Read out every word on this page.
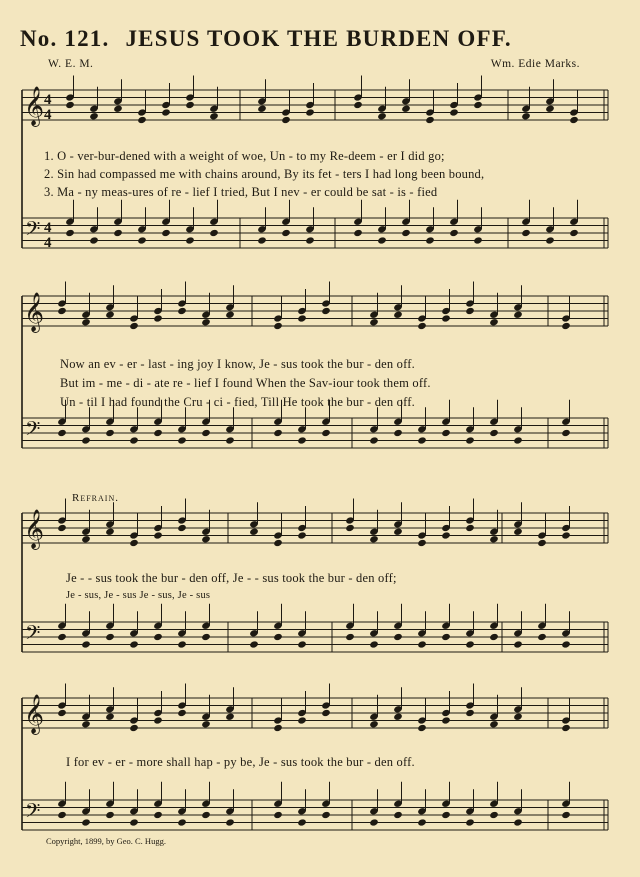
No. 121. JESUS TOOK THE BURDEN OFF.
W. E. M.	Wm. Edie Marks.
𝄞
𝄢
4
4
4
4
𝄞
𝄢
𝄞
𝄢
𝄞
𝄢
1. O - ver-bur-dened with a weight of woe, Un - to my Re-deem - er I did go;
2. Sin had compassed me with chains around, By its fet - ters I had long been bound,
3. Ma - ny meas-ures of re - lief I tried, But I nev - er could be sat - is - fied
Now an ev - er - last - ing joy I know, Je - sus took the bur - den off.
But im - me - di - ate re - lief I found When the Sav-iour took them off.
Un - til I had found the Cru - ci - fied, Till He took the bur - den off.
Refrain.
Je - - sus took the bur - den off, Je - - sus took the bur - den off;
Je - sus, Je - sus Je - sus, Je - sus
I for ev - er - more shall hap - py be, Je - sus took the bur - den off.
Copyright, 1899, by Geo. C. Hugg.
